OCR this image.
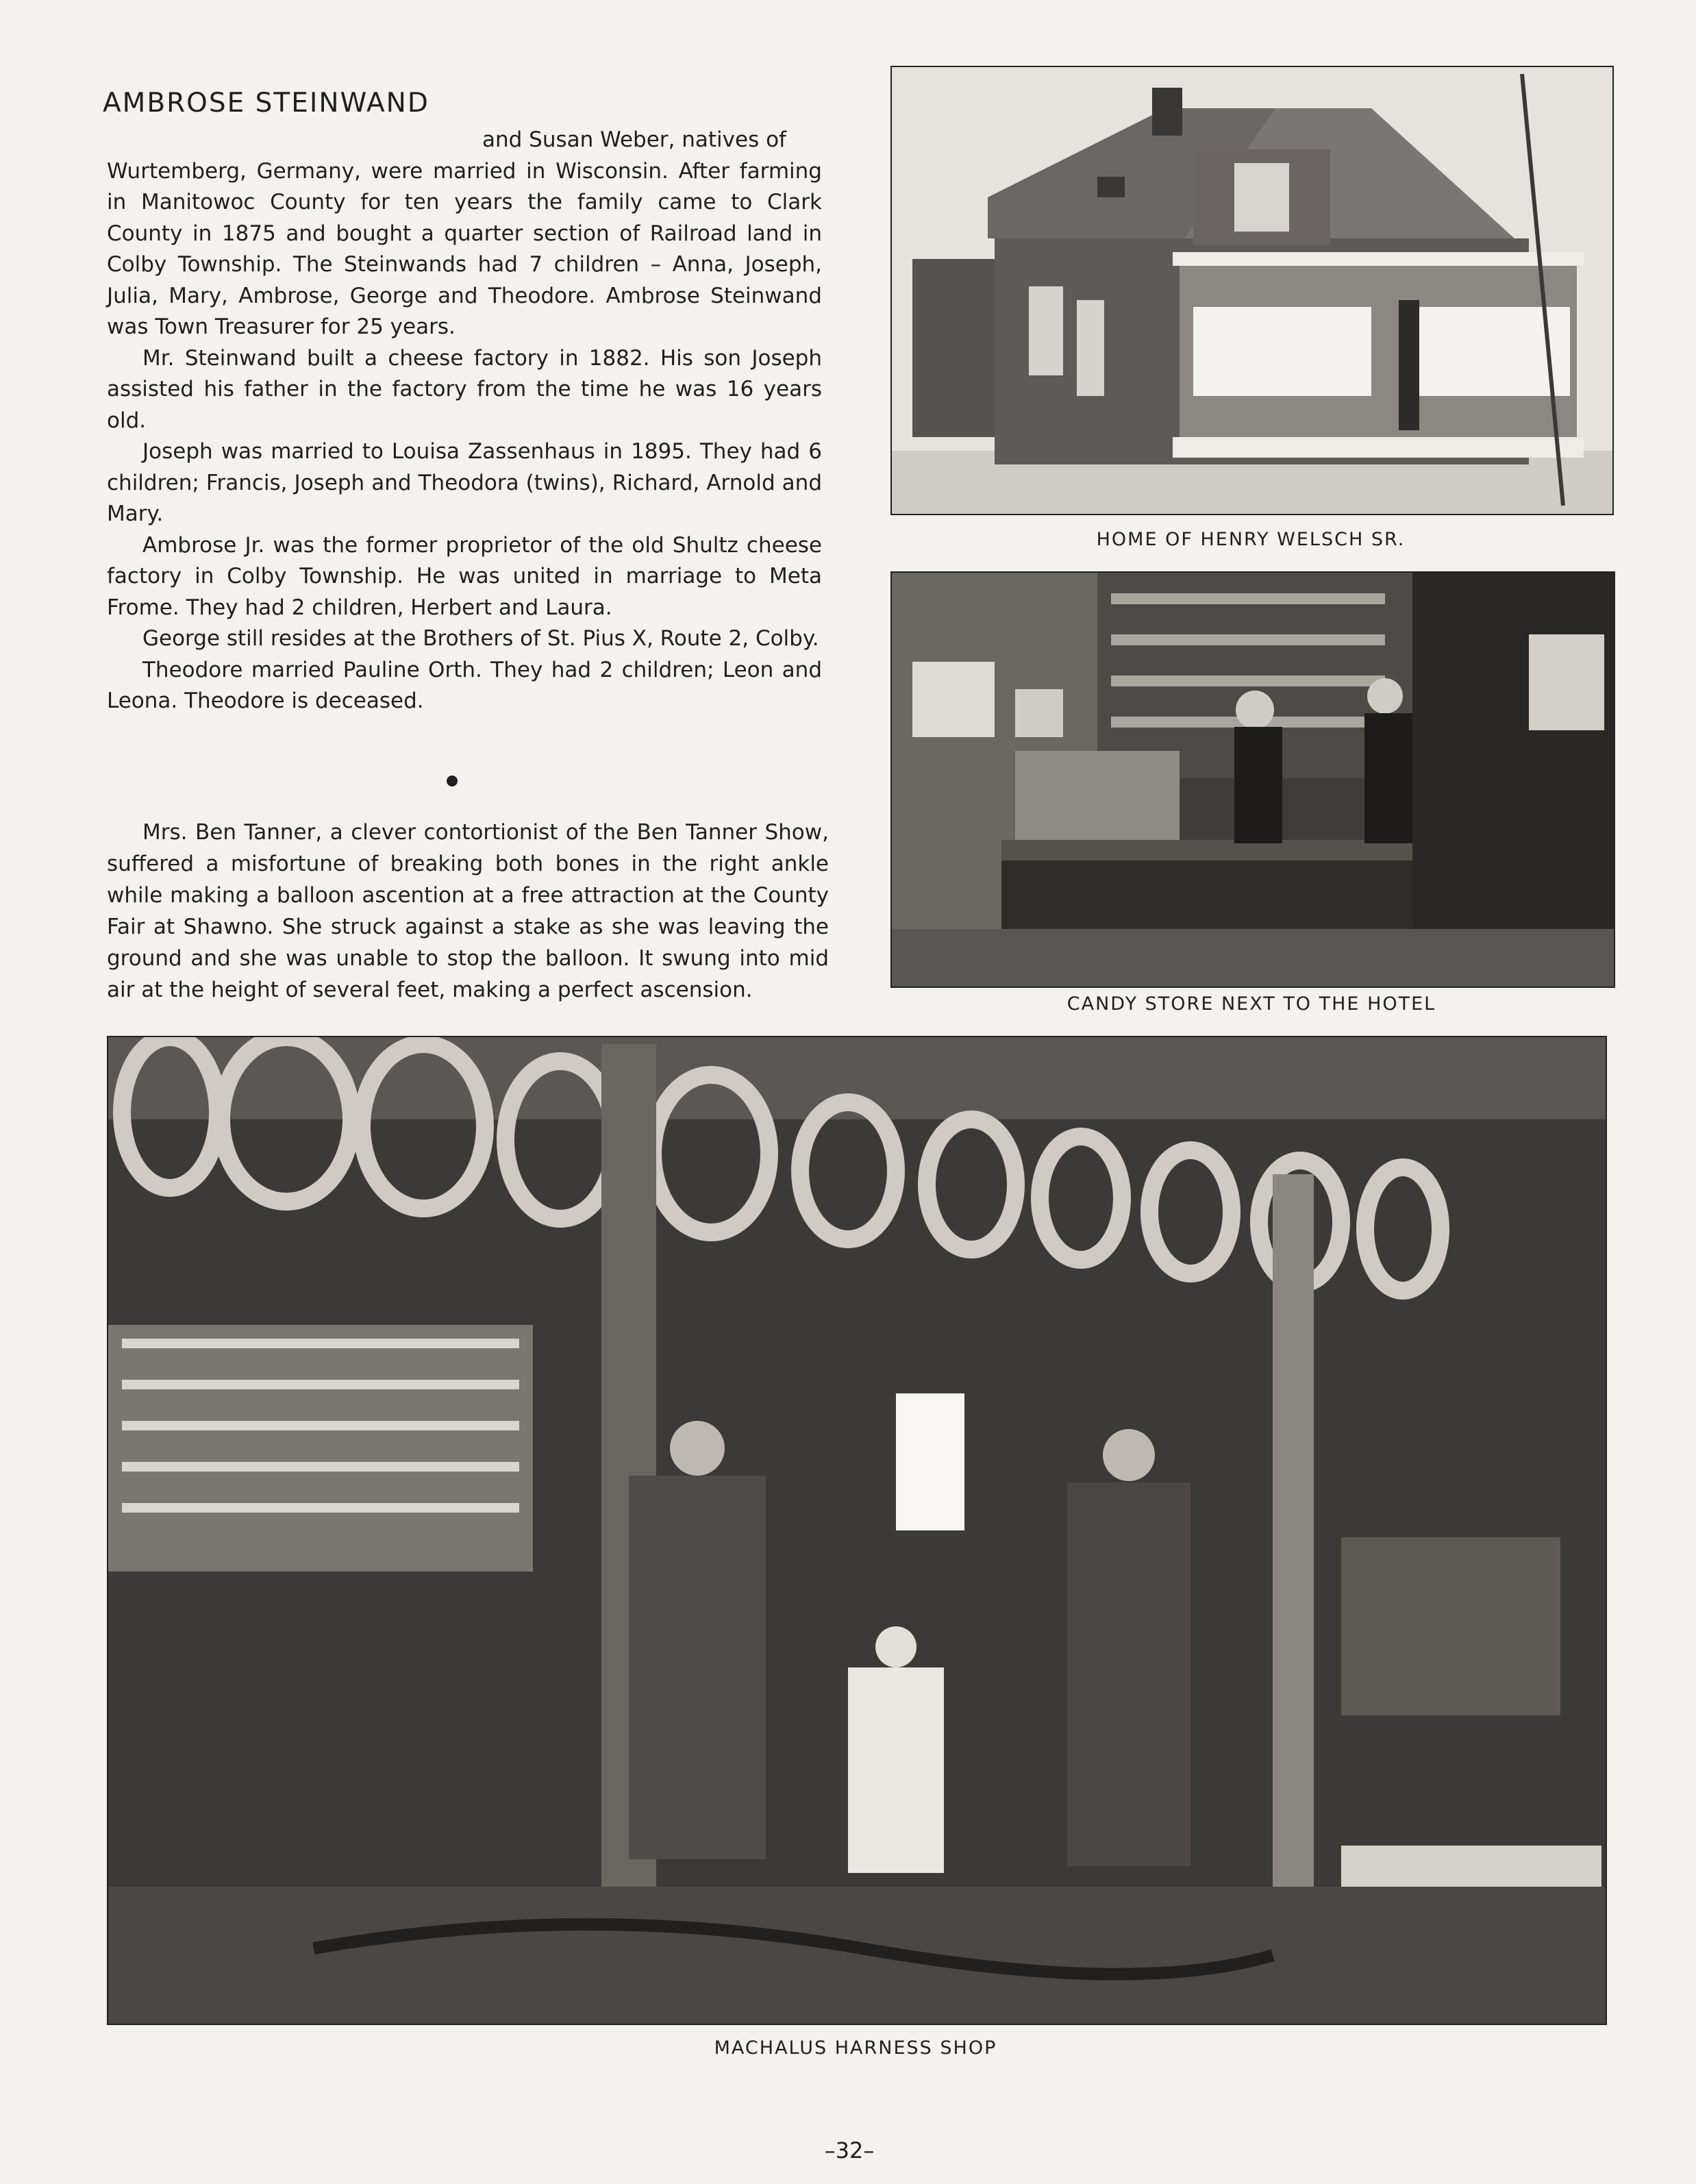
AMBROSE STEINWAND

and Susan Weber, natives of
Wurtemberg, Germany, were married in Wisconsin. After farming in Manitowoc County for ten years the family came to Clark County in 1875 and bought a quarter section of Railroad land in Colby Township. The Steinwands had 7 children – Anna, Joseph, Julia, Mary, Ambrose, George and Theodore. Ambrose Steinwand was Town Treasurer for 25 years.

Mr. Steinwand built a cheese factory in 1882. His son Joseph assisted his father in the factory from the time he was 16 years old.

Joseph was married to Louisa Zassenhaus in 1895. They had 6 children; Francis, Joseph and Theodora (twins), Richard, Arnold and Mary.

Ambrose Jr. was the former proprietor of the old Shultz cheese factory in Colby Township. He was united in marriage to Meta Frome. They had 2 children, Herbert and Laura.

George still resides at the Brothers of St. Pius X, Route 2, Colby.

Theodore married Pauline Orth. They had 2 children; Leon and Leona. Theodore is deceased.

Mrs. Ben Tanner, a clever contortionist of the Ben Tanner Show, suffered a misfortune of breaking both bones in the right ankle while making a balloon ascention at a free attraction at the County Fair at Shawno. She struck against a stake as she was leaving the ground and she was unable to stop the balloon. It swung into mid air at the height of several feet, making a perfect ascension.

HOME OF HENRY WELSCH SR.
CANDY STORE NEXT TO THE HOTEL
MACHALUS HARNESS SHOP
–32–
